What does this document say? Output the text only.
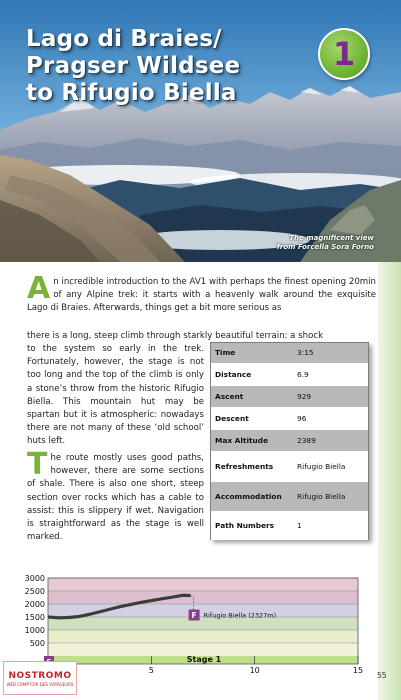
Lago di Braies/
Pragser Wildsee
to Rifugio Biella
1
The magnificent view
from Forcella Sora Forno
An incredible introduction to the AV1 with perhaps the finest opening 20min of any Alpine trek: it starts with a heavenly walk around the exquisite Lago di Braies. Afterwards, things get a bit more serious as
there is a long, steep climb through starkly beautiful terrain: a shock
to the system so early in the trek. Fortunately, however, the stage is not too long and the top of the climb is only a stone’s throw from the historic Rifugio Biella. This mountain hut may be spartan but it is atmospheric: nowadays there are not many of these ‘old school’ huts left.
The route mostly uses good paths, however, there are some sections of shale. There is also one short, steep section over rocks which has a cable to assist: this is slippery if wet. Navigation is straightforward as the stage is well marked.
Time	3:15
Distance	6.9
Ascent	929
Descent	96
Max Altitude	2389
Refreshments	Rifugio Biella
Accommodation	Rifugio Biella
Path Numbers	1
3000
2500
2000
1500
1000
500
5	10	15
Stage 1
F Rifugio Biella (2327m)
NOSTROMO
WEB COMPTOIR DES VOYAGEURS
55
